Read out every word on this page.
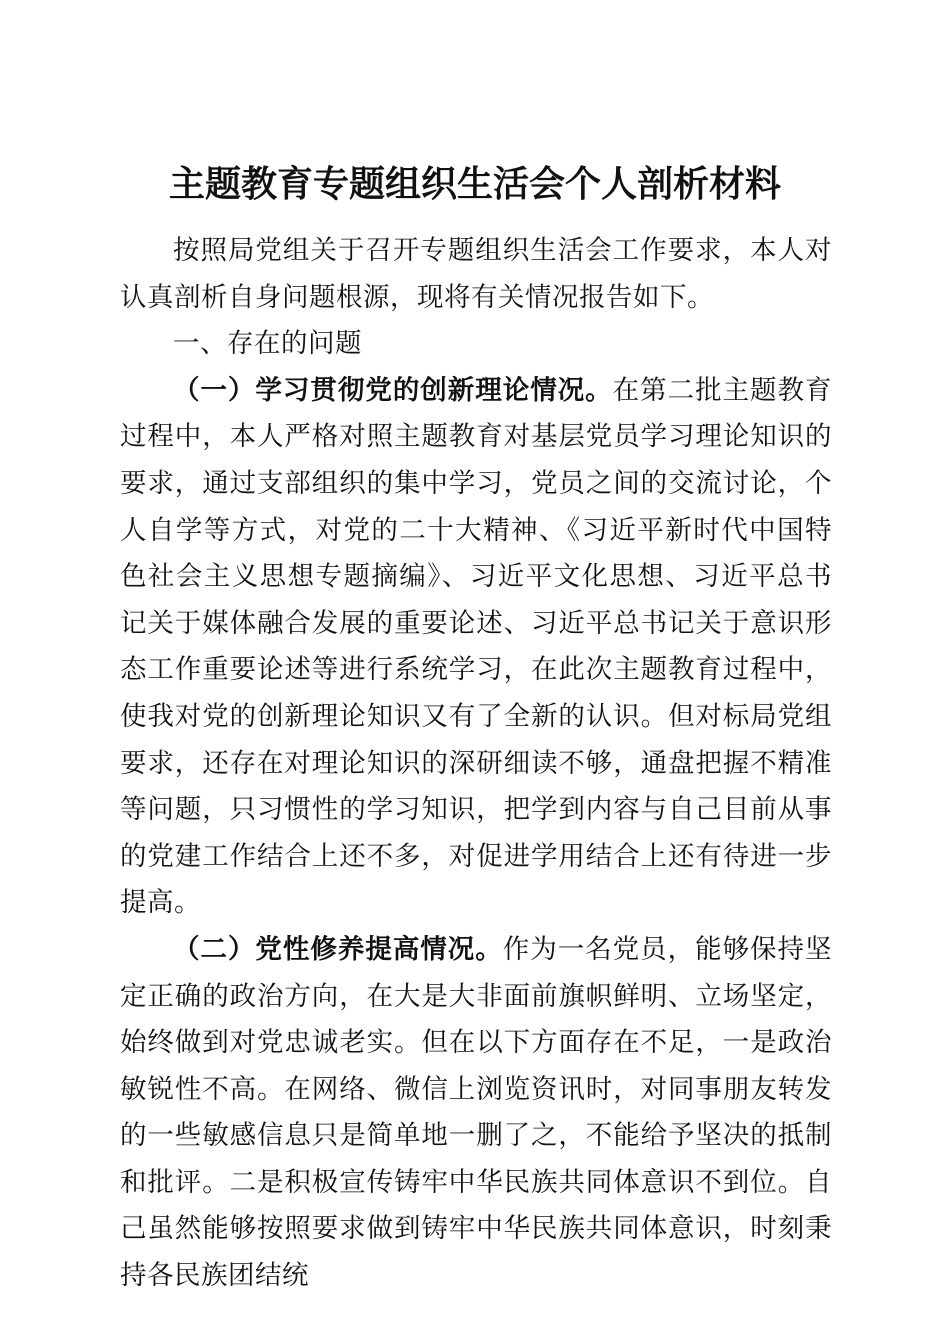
主题教育专题组织生活会个人剖析材料

按照局党组关于召开专题组织生活会工作要求，本人对认真剖析自身问题根源，现将有关情况报告如下。

一、存在的问题

（一）学习贯彻党的创新理论情况。在第二批主题教育过程中，本人严格对照主题教育对基层党员学习理论知识的要求，通过支部组织的集中学习，党员之间的交流讨论，个人自学等方式，对党的二十大精神、《习近平新时代中国特色社会主义思想专题摘编》、习近平文化思想、习近平总书记关于媒体融合发展的重要论述、习近平总书记关于意识形态工作重要论述等进行系统学习，在此次主题教育过程中，使我对党的创新理论知识又有了全新的认识。但对标局党组要求，还存在对理论知识的深研细读不够，通盘把握不精准等问题，只习惯性的学习知识，把学到内容与自己目前从事的党建工作结合上还不多，对促进学用结合上还有待进一步提高。

（二）党性修养提高情况。作为一名党员，能够保持坚定正确的政治方向，在大是大非面前旗帜鲜明、立场坚定，始终做到对党忠诚老实。但在以下方面存在不足，一是政治敏锐性不高。在网络、微信上浏览资讯时，对同事朋友转发的一些敏感信息只是简单地一删了之，不能给予坚决的抵制和批评。二是积极宣传铸牢中华民族共同体意识不到位。自己虽然能够按照要求做到铸牢中华民族共同体意识，时刻秉持各民族团结统
